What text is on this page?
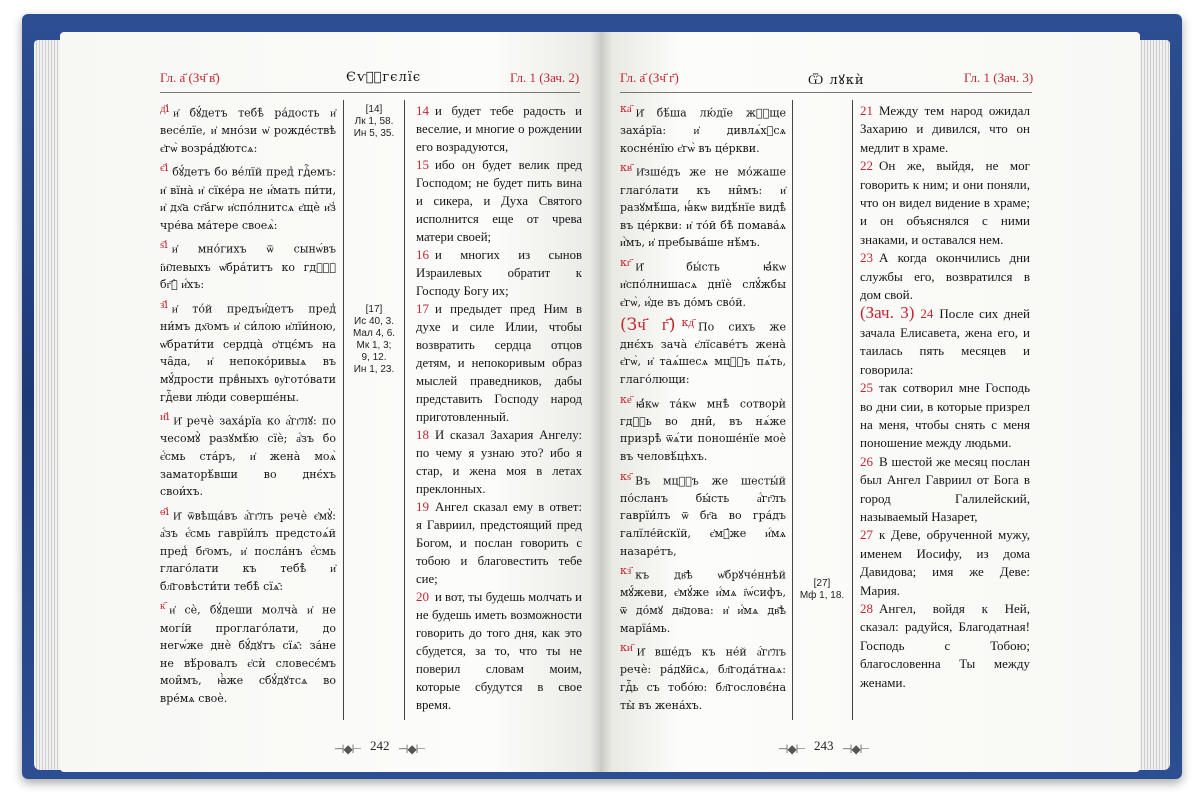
Гл. а҃ (Зч҃ в҃)	Єѵⷢ҇гєлїє	Гл. 1 (Зач. 2)

д҃і и҆ бꙋ́детъ тебѣ̀ ра́дость и҆ весе́лїе, и҆ мно́зи ѡ҆ рожде́ствѣ є҆гѡ̀ возра́дꙋютсѧ:

є҃і бꙋ́детъ бо ве́лїй пред̾ гдⷭ҇емъ: и҆ вїна̀ и҆ сїке́ра не и҆́мать пи́ти, и҆ дх҃а ст҃а́гѡ и҆спо́лнитсѧ є҆щѐ и҆з̾ чре́ва ма́тере своеѧ̀:

ѕ҃і и҆ мно́гихъ ѿ сынѡ́въ і҆и҃левыхъ ѡ҆бра́титъ ко гдⷭ҇ꙋ бг҃ꙋ̀ и҆́хъ:

з҃і и҆ то́й предъи҆́детъ пред̾ ни́мъ дх҃омъ и҆ си́лою и҆лїи́ною, ѡ҆брати́ти сердца̀ ѻ҆тцє́мъ на ча̑да, и҆ непоко́ривыѧ въ мꙋ́дрости првⷣныхъ ᲂу҆гото́вати гдⷭ҇еви лю́ди соверше́ны.

и҃і И҆ речѐ заха́рїа ко а҆́гг҃лꙋ: по чесомꙋ̀ разꙋмѣ́ю сїѐ; а҆́зъ бо є҆́смь ста́ръ, и҆ жена̀ моѧ̀ заматорѣ́вши во днє́хъ свои́хъ.

ѳ҃і И҆ ѿвѣща́въ а҆́гг҃лъ речѐ є҆мꙋ̀: а҆́зъ є҆́смь гаврїи́лъ предстоѧ́й пред̾ бг҃омъ, и҆ посла́нъ є҆́смь глаго́лати къ тебѣ̀ и҆ бл҃говѣсти́ти тебѣ̀ сїѧ̑:

к҃ и҆ сѐ, бꙋ́деши молча̀ и҆ не могі́й проглаго́лати, до негѡ́же днѐ бꙋ́дꙋтъ сїѧ̑: за́не не вѣ́ровалъ є҆сѝ словесє́мъ мои̑мъ, ꙗ҆̀же сбꙋ́дꙋтсѧ во вре́мѧ своѐ.

[14]
Лк 1, 58.
Ин 5, 35.
[17]
Ис 40, 3.
Мал 4, 6.
Мк 1, 3;
9, 12.
Ин 1, 23.

14 и будет тебе радость и веселие, и многие о рождении его возрадуются,

15 ибо он будет велик пред Господом; не будет пить вина и сикера, и Духа Святого исполнится еще от чрева матери своей;

16 и многих из сынов Израилевых обратит к Господу Богу их;

17 и предыдет пред Ним в духе и силе Илии, чтобы возвратить сердца отцов детям, и непокоривым образ мыслей праведников, дабы представить Господу народ приготовленный.

18 И сказал Захария Ангелу: по чему я узнаю это? ибо я стар, и жена моя в летах преклонных.

19 Ангел сказал ему в ответ: я Гавриил, предстоящий пред Богом, и послан говорить с тобою и благовестить тебе сие;

20 и вот, ты будешь молчать и не будешь иметь возможности говорить до того дня, как это сбудется, за то, что ты не поверил словам моим, которые сбудутся в свое время.

⊣◆⊢ 242 ⊣◆⊢
Гл. а҃ (Зч҃ г҃)	Ѿ лꙋкѝ	Гл. 1 (Зач. 3)

ка҃ И҆ бѣ́ша лю́дїе жⷣꙋще заха́рїа: и҆ дивлѧ́хꙋсѧ косне́нїю є҆гѡ̀ въ це́ркви.

кв҃ И҆зше́дъ же не мо́жаше глаго́лати къ ни̑мъ: и҆ разꙋмѣ́ша, ꙗ҆́кѡ видѣ́нїе видѣ̀ въ це́ркви: и҆ то́й бѣ̀ помава́ѧ и҆̀мъ, и҆ пребыва́ше нѣ́мъ.

кг҃ И҆ бы́сть ꙗ҆́кѡ и҆спо́лнишасѧ днїѐ слꙋ́жбы є҆гѡ̀, и҆́де въ до́мъ сво́й.

(Зч҃ г҃) кд҃ По сихъ же днє́хъ зача̀ є҆лїсаве́тъ жена̀ є҆гѡ̀, и҆ таѧ́шесѧ мцⷭ҇ъ пѧ́ть, глаго́лющи:

ке҃ ꙗ҆́кѡ та́кѡ мнѣ̀ сотворѝ гдⷭ҇ь во дни̑, въ нѧ́же призрѣ̀ ѿѧ́ти поноше́нїе моѐ въ человѣ́цѣхъ.

кѕ҃ Въ мцⷭ҇ъ же шесты́й по́сланъ бы́сть а҆́гг҃лъ гаврїи́лъ ѿ бг҃а во гра́дъ галїле́йскїй, є҆мꙋ́же и҆́мѧ назаре́тъ,

кз҃ къ дв҃ѣ ѡ҆брꙋче́ннѣй мꙋ́жеви, є҆мꙋ́же и҆́мѧ і҆ѡ́сифъ, ѿ до́мꙋ дв҃дова: и҆ и҆́мѧ дв҃ѣ марїа́мь.

ки҃ И҆ вше́дъ къ не́й а҆́гг҃лъ речѐ: ра́дꙋйсѧ, бл҃года́тнаѧ: гдⷭ҇ь съ тобо́ю: бл҃гословє́на ты̀ въ жена́хъ.

[27]
Мф 1, 18.

21 Между тем народ ожидал Захарию и дивился, что он медлит в храме.

22 Он же, выйдя, не мог говорить к ним; и они поняли, что он видел видение в храме; и он объяснялся с ними знаками, и оставался нем.

23 А когда окончились дни службы его, возвратился в дом свой.

(Зач. 3) 24 После сих дней зачала Елисавета, жена его, и таилась пять месяцев и говорила:

25 так сотворил мне Господь во дни сии, в которые призрел на меня, чтобы снять с меня поношение между людьми.

26 В шестой же месяц послан был Ангел Гавриил от Бога в город Галилейский, называемый Назарет,

27 к Деве, обрученной мужу, именем Иосифу, из дома Давидова; имя же Деве: Мария.

28 Ангел, войдя к Ней, сказал: радуйся, Благодатная! Господь с Тобою; благословенна Ты между женами.

⊣◆⊢ 243 ⊣◆⊢
